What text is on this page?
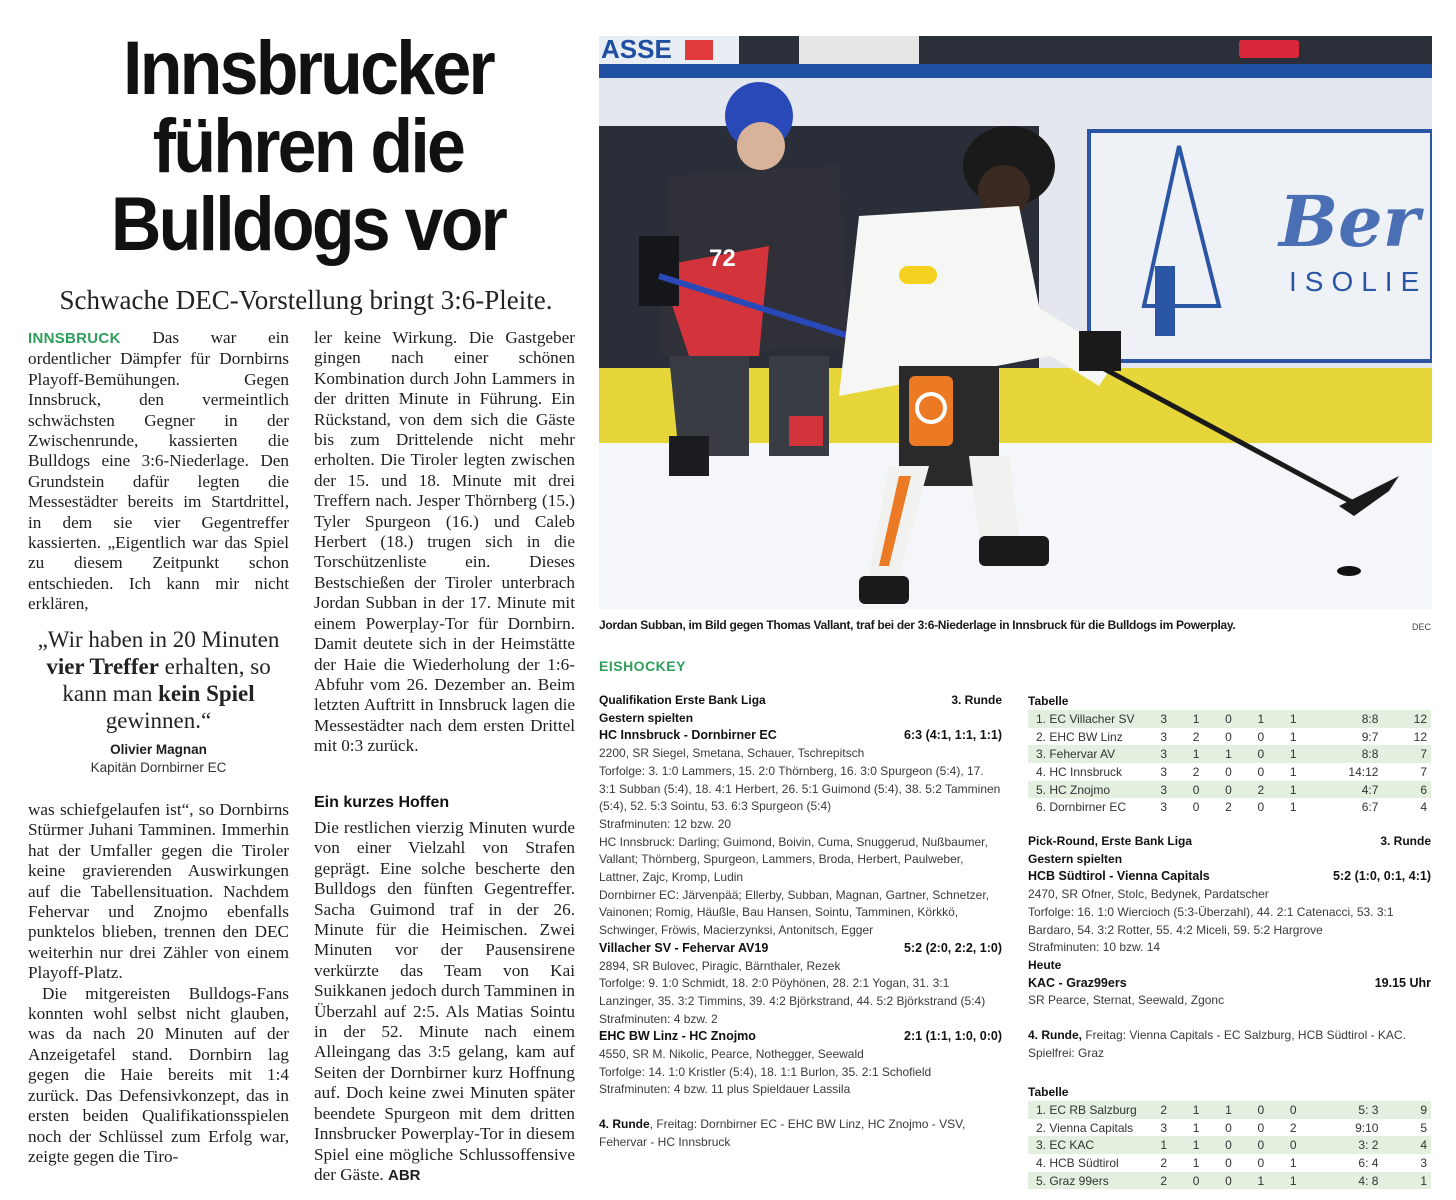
Innsbrucker
führen die
Bulldogs vor
Schwache DEC-Vorstellung bringt 3:6-Pleite.

INNSBRUCK Das war ein ordentlicher Dämpfer für Dornbirns Playoff-Bemühungen. Gegen Innsbruck, den vermeintlich schwächsten Gegner in der Zwischenrunde, kassierten die Bulldogs eine 3:6-Niederlage. Den Grundstein dafür legten die Messestädter bereits im Startdrittel, in dem sie vier Gegentreffer kassierten. „Eigentlich war das Spiel zu diesem Zeitpunkt schon entschieden. Ich kann mir nicht erklären,

„Wir haben in 20 Minuten vier Treffer erhalten, so kann man kein Spiel gewinnen.“
Olivier Magnan
Kapitän Dornbirner EC

was schiefgelaufen ist“, so Dornbirns Stürmer Juhani Tamminen. Immerhin hat der Umfaller gegen die Tiroler keine gravierenden Auswirkungen auf die Tabellensituation. Nachdem Fehervar und Znojmo ebenfalls punktelos blieben, trennen den DEC weiterhin nur drei Zähler von einem Playoff-Platz.

Die mitgereisten Bulldogs-Fans konnten wohl selbst nicht glauben, was da nach 20 Minuten auf der Anzeigetafel stand. Dornbirn lag gegen die Haie bereits mit 1:4 zurück. Das Defensivkonzept, das in ersten beiden Qualifikationsspielen noch der Schlüssel zum Erfolg war, zeigte gegen die Tiro-

ler keine Wirkung. Die Gastgeber gingen nach einer schönen Kombination durch John Lammers in der dritten Minute in Führung. Ein Rückstand, von dem sich die Gäste bis zum Drittelende nicht mehr erholten. Die Tiroler legten zwischen der 15. und 18. Minute mit drei Treffern nach. Jesper Thörnberg (15.) Tyler Spurgeon (16.) und Caleb Herbert (18.) trugen sich in die Torschützenliste ein. Dieses Bestschießen der Tiroler unterbrach Jordan Subban in der 17. Minute mit einem Powerplay-Tor für Dornbirn. Damit deutete sich in der Heimstätte der Haie die Wiederholung der 1:6-Abfuhr vom 26. Dezember an. Beim letzten Auftritt in Innsbruck lagen die Messestädter nach dem ersten Drittel mit 0:3 zurück.

Ein kurzes Hoffen

Die restlichen vierzig Minuten wurde von einer Vielzahl von Strafen geprägt. Eine solche bescherte den Bulldogs den fünften Gegentreffer. Sacha Guimond traf in der 26. Minute für die Heimischen. Zwei Minuten vor der Pausensirene verkürzte das Team von Kai Suikkanen jedoch durch Tamminen in Überzahl auf 2:5. Als Matias Sointu in der 52. Minute nach einem Alleingang das 3:5 gelang, kam auf Seiten der Dornbirner kurz Hoffnung auf. Doch keine zwei Minuten später beendete Spurgeon mit dem dritten Innsbrucker Powerplay-Tor in diesem Spiel eine mögliche Schlussoffensive der Gäste. ABR

ASSE
Ber
ISOLIE
72
Jordan Subban, im Bild gegen Thomas Vallant, traf bei der 3:6-Niederlage in Innsbruck für die Bulldogs im Powerplay.	DEC
EISHOCKEY
Qualifikation Erste Bank Liga	3. Runde
Gestern spielten
HC Innsbruck - Dornbirner EC	6:3 (4:1, 1:1, 1:1)
2200, SR Siegel, Smetana, Schauer, Tschrepitsch
Torfolge: 3. 1:0 Lammers, 15. 2:0 Thörnberg, 16. 3:0 Spurgeon (5:4), 17. 3:1 Subban (5:4), 18. 4:1 Herbert, 26. 5:1 Guimond (5:4), 38. 5:2 Tamminen (5:4), 52. 5:3 Sointu, 53. 6:3 Spurgeon (5:4)
Strafminuten: 12 bzw. 20
HC Innsbruck: Darling; Guimond, Boivin, Cuma, Snuggerud, Nußbaumer, Vallant; Thörnberg, Spurgeon, Lammers, Broda, Herbert, Paulweber, Lattner, Zajc, Kromp, Ludin
Dornbirner EC: Järvenpää; Ellerby, Subban, Magnan, Gartner, Schnetzer, Vainonen; Romig, Häußle, Bau Hansen, Sointu, Tamminen, Körkkö, Schwinger, Fröwis, Macierzynksi, Antonitsch, Egger
Villacher SV - Fehervar AV19	5:2 (2:0, 2:2, 1:0)
2894, SR Bulovec, Piragic, Bärnthaler, Rezek
Torfolge: 9. 1:0 Schmidt, 18. 2:0 Pöyhönen, 28. 2:1 Yogan, 31. 3:1 Lanzinger, 35. 3:2 Timmins, 39. 4:2 Björkstrand, 44. 5:2 Björkstrand (5:4)
Strafminuten: 4 bzw. 2
EHC BW Linz - HC Znojmo	2:1 (1:1, 1:0, 0:0)
4550, SR M. Nikolic, Pearce, Nothegger, Seewald
Torfolge: 14. 1:0 Kristler (5:4), 18. 1:1 Burlon, 35. 2:1 Schofield
Strafminuten: 4 bzw. 11 plus Spieldauer Lassila
4. Runde, Freitag: Dornbirner EC - EHC BW Linz, HC Znojmo - VSV, Fehervar - HC Innsbruck
Tabelle
1. EC Villacher SV	3	1	0	1	1	8:8	12
2. EHC BW Linz	3	2	0	0	1	9:7	12
3. Fehervar AV	3	1	1	0	1	8:8	7
4. HC Innsbruck	3	2	0	0	1	14:12	7
5. HC Znojmo	3	0	0	2	1	4:7	6
6. Dornbirner EC	3	0	2	0	1	6:7	4
Pick-Round, Erste Bank Liga	3. Runde
Gestern spielten
HCB Südtirol - Vienna Capitals	5:2 (1:0, 0:1, 4:1)
2470, SR Ofner, Stolc, Bedynek, Pardatscher
Torfolge: 16. 1:0 Wiercioch (5:3-Überzahl), 44. 2:1 Catenacci, 53. 3:1 Bardaro, 54. 3:2 Rotter, 55. 4:2 Miceli, 59. 5:2 Hargrove
Strafminuten: 10 bzw. 14
Heute
KAC - Graz99ers	19.15 Uhr
SR Pearce, Sternat, Seewald, Zgonc
4. Runde, Freitag: Vienna Capitals - EC Salzburg, HCB Südtirol - KAC.
Spielfrei: Graz
Tabelle
1. EC RB Salzburg	2	1	1	0	0	5: 3	9
2. Vienna Capitals	3	1	0	0	2	9:10	5
3. EC KAC	1	1	0	0	0	3: 2	4
4. HCB Südtirol	2	1	0	0	1	6: 4	3
5. Graz 99ers	2	0	0	1	1	4: 8	1
